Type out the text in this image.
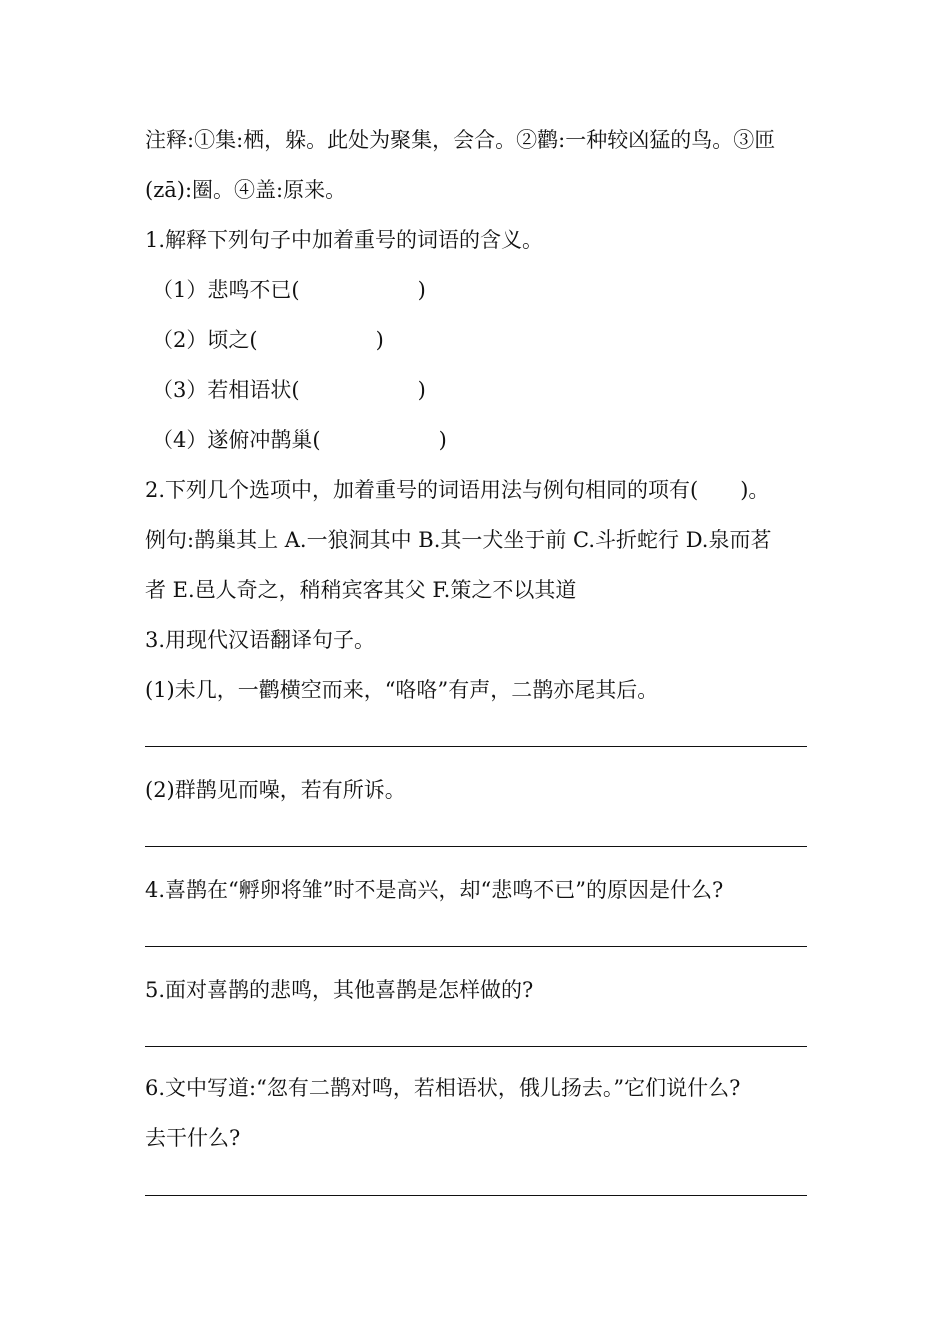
注释:①集:栖，躲。此处为聚集，会合。②鹳:一种较凶猛的鸟。③匝
(zā):圈。④盖:原来。
1.解释下列句子中加着重号的词语的含义。
（1）悲鸣不已(	)
（2）顷之(	)
（3）若相语状(	)
（4）遂俯冲鹊巢(	)
2.下列几个选项中，加着重号的词语用法与例句相同的项有(　　)。
例句:鹊巢其上 A.一狼洞其中 B.其一犬坐于前 C.斗折蛇行 D.泉而茗
者 E.邑人奇之，稍稍宾客其父 F.策之不以其道
3.用现代汉语翻译句子。
(1)未几，一鹳横空而来，“咯咯”有声，二鹊亦尾其后。
(2)群鹊见而噪，若有所诉。
4.喜鹊在“孵卵将雏”时不是高兴，却“悲鸣不已”的原因是什么?
5.面对喜鹊的悲鸣，其他喜鹊是怎样做的?
6.文中写道:“忽有二鹊对鸣，若相语状，俄儿扬去。”它们说什么?
去干什么?
